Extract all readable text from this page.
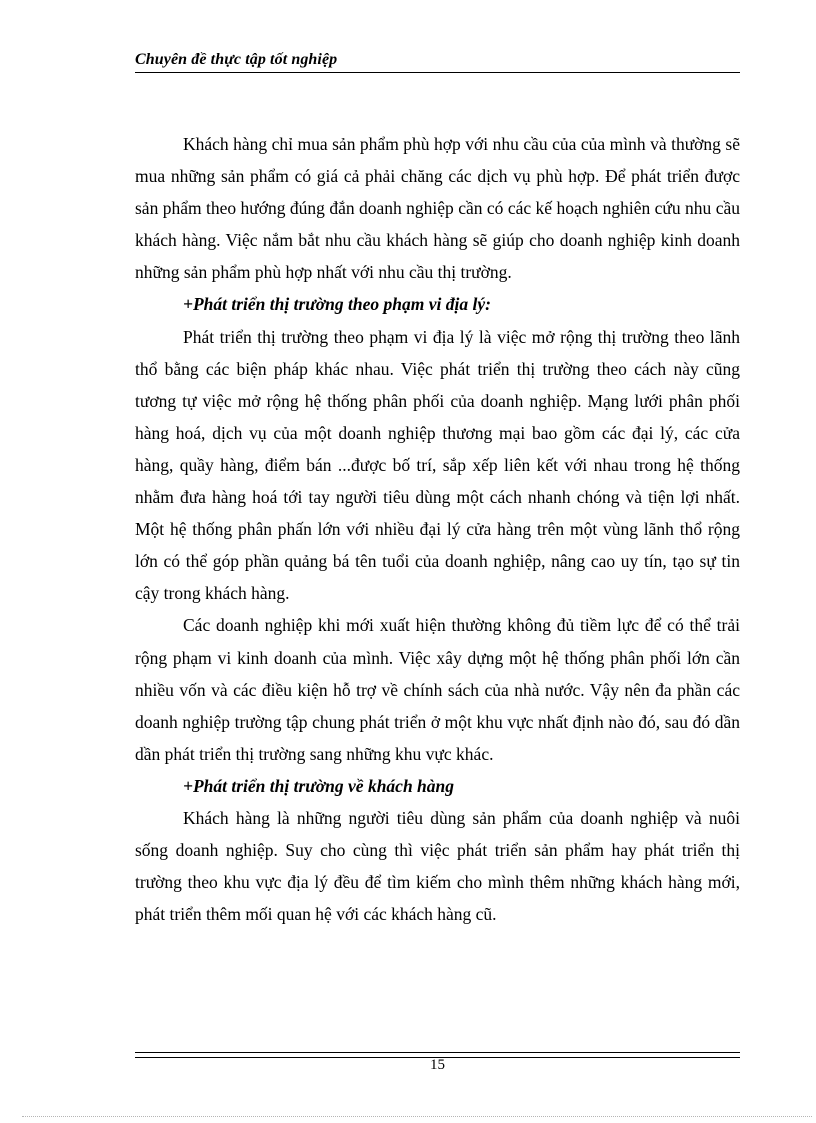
Chuyên đề thực tập tốt nghiệp

Khách hàng chỉ mua sản phẩm phù hợp với nhu cầu của của mình và thường sẽ mua những sản phẩm có giá cả phải chăng các dịch vụ phù hợp. Để phát triển được sản phẩm theo hướng đúng đắn doanh nghiệp cần có các kế hoạch nghiên cứu nhu cầu khách hàng. Việc nắm bắt nhu cầu khách hàng sẽ giúp cho doanh nghiệp kinh doanh những sản phẩm phù hợp nhất với nhu cầu thị trường.

+Phát triển thị trường theo phạm vi địa lý:

Phát triển thị trường theo phạm vi địa lý là việc mở rộng thị trường theo lãnh thổ bằng các biện pháp khác nhau. Việc phát triển thị trường theo cách này cũng tương tự việc mở rộng hệ thống phân phối của doanh nghiệp. Mạng lưới phân phối hàng hoá, dịch vụ của một doanh nghiệp thương mại bao gồm các đại lý, các cửa hàng, quầy hàng, điểm bán ...được bố trí, sắp xếp liên kết với nhau trong hệ thống nhằm đưa hàng hoá tới tay người tiêu dùng một cách nhanh chóng và tiện lợi nhất. Một hệ thống phân phấn lớn với nhiều đại lý cửa hàng trên một vùng lãnh thổ rộng lớn có thể góp phần quảng bá tên tuổi của doanh nghiệp, nâng cao uy tín, tạo sự tin cậy trong khách hàng.

Các doanh nghiệp khi mới xuất hiện thường không đủ tiềm lực để có thể trải rộng phạm vi kinh doanh của mình. Việc xây dựng một hệ thống phân phối lớn cần nhiều vốn và các điều kiện hỗ trợ về chính sách của nhà nước. Vậy nên đa phần các doanh nghiệp trường tập chung phát triển ở một khu vực nhất định nào đó, sau đó dần dần phát triển thị trường sang những khu vực khác.

+Phát triển thị trường về khách hàng

Khách hàng là những người tiêu dùng sản phẩm của doanh nghiệp và nuôi sống doanh nghiệp. Suy cho cùng thì việc phát triển sản phẩm hay phát triển thị trường theo khu vực địa lý đều để tìm kiếm cho mình thêm những khách hàng mới, phát triển thêm mối quan hệ với các khách hàng cũ.

15
